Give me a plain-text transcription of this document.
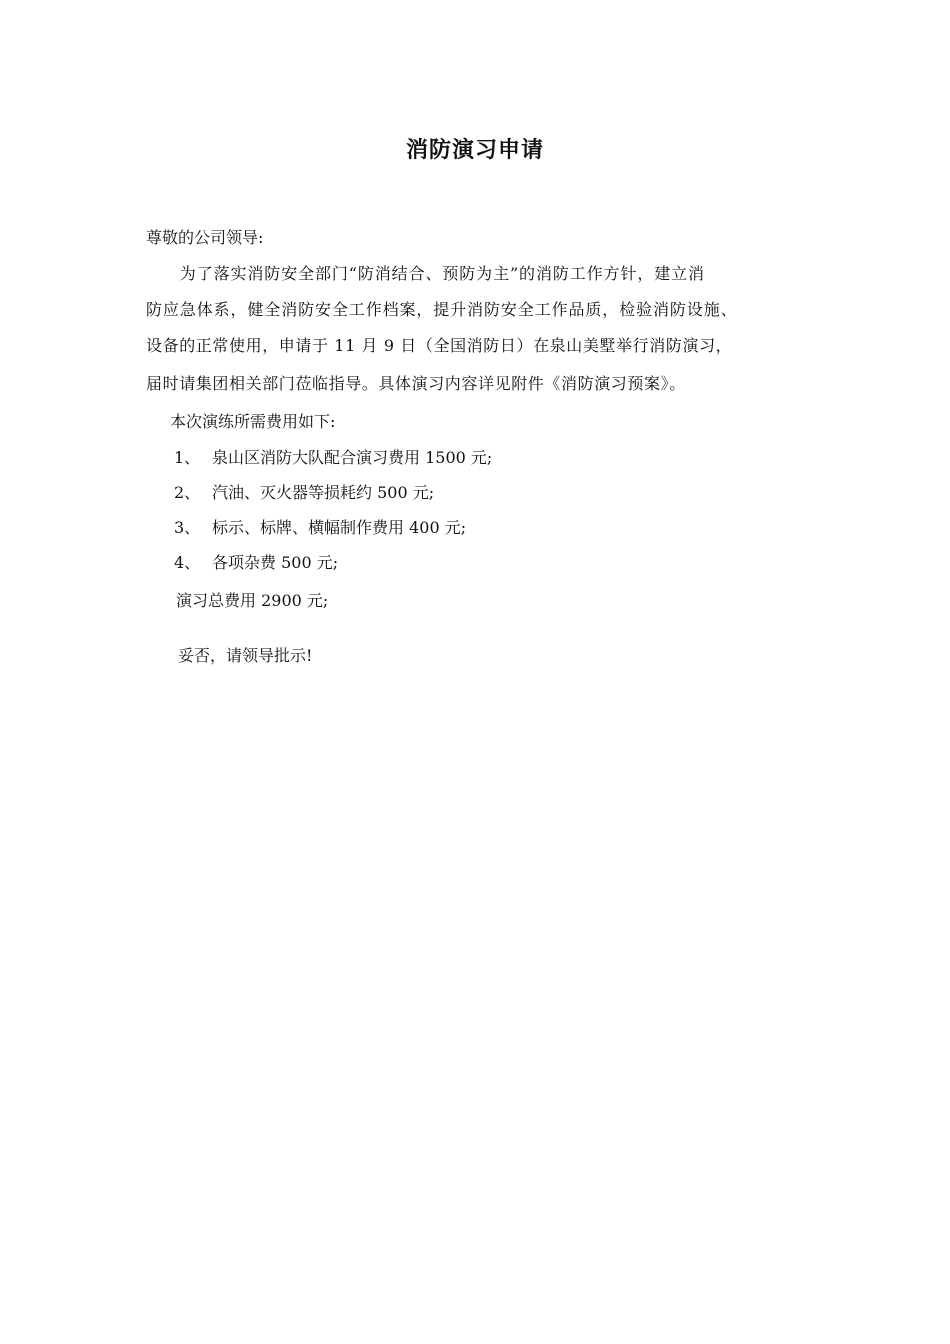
消防演习申请
尊敬的公司领导:
　　为了落实消防安全部门“防消结合、预防为主”的消防工作方针，建立消
防应急体系，健全消防安全工作档案，提升消防安全工作品质，检验消防设施、
设备的正常使用，申请于 11 月 9 日（全国消防日）在泉山美墅举行消防演习，
届时请集团相关部门莅临指导。具体演习内容详见附件《消防演习预案》。
本次演练所需费用如下:
1、 泉山区消防大队配合演习费用 1500 元;
2、 汽油、灭火器等损耗约 500 元;
3、 标示、标牌、横幅制作费用 400 元;
4、 各项杂费 500 元;
演习总费用 2900 元;
妥否，请领导批示!
